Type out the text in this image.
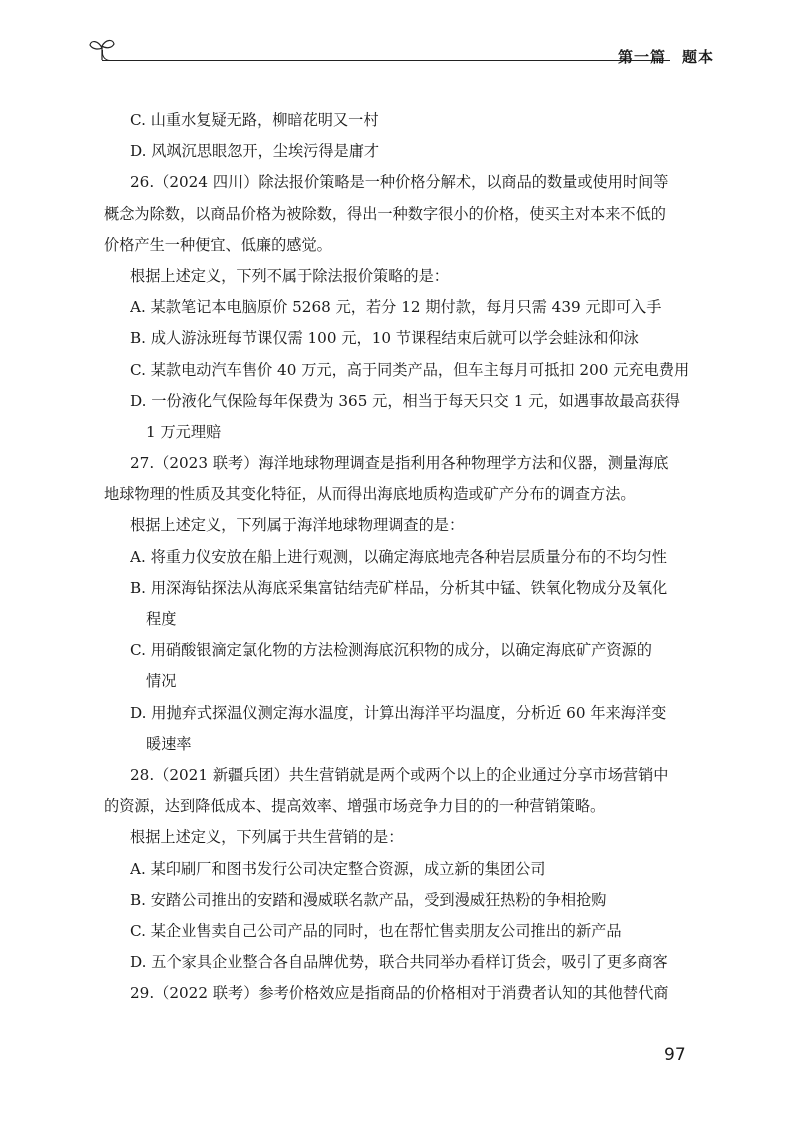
第一篇　题本
C. 山重水复疑无路，柳暗花明又一村
D. 风飒沉思眼忽开，尘埃污得是庸才
26.（2024 四川）除法报价策略是一种价格分解术，以商品的数量或使用时间等
概念为除数，以商品价格为被除数，得出一种数字很小的价格，使买主对本来不低的
价格产生一种便宜、低廉的感觉。
根据上述定义，下列不属于除法报价策略的是：
A. 某款笔记本电脑原价 5268 元，若分 12 期付款，每月只需 439 元即可入手
B. 成人游泳班每节课仅需 100 元，10 节课程结束后就可以学会蛙泳和仰泳
C. 某款电动汽车售价 40 万元，高于同类产品，但车主每月可抵扣 200 元充电费用
D. 一份液化气保险每年保费为 365 元，相当于每天只交 1 元，如遇事故最高获得
1 万元理赔
27.（2023 联考）海洋地球物理调查是指利用各种物理学方法和仪器，测量海底
地球物理的性质及其变化特征，从而得出海底地质构造或矿产分布的调查方法。
根据上述定义，下列属于海洋地球物理调查的是：
A. 将重力仪安放在船上进行观测，以确定海底地壳各种岩层质量分布的不均匀性
B. 用深海钻探法从海底采集富钴结壳矿样品，分析其中锰、铁氧化物成分及氧化
程度
C. 用硝酸银滴定氯化物的方法检测海底沉积物的成分，以确定海底矿产资源的
情况
D. 用抛弃式探温仪测定海水温度，计算出海洋平均温度，分析近 60 年来海洋变
暖速率
28.（2021 新疆兵团）共生营销就是两个或两个以上的企业通过分享市场营销中
的资源，达到降低成本、提高效率、增强市场竞争力目的的一种营销策略。
根据上述定义，下列属于共生营销的是：
A. 某印刷厂和图书发行公司决定整合资源，成立新的集团公司
B. 安踏公司推出的安踏和漫威联名款产品，受到漫威狂热粉的争相抢购
C. 某企业售卖自己公司产品的同时，也在帮忙售卖朋友公司推出的新产品
D. 五个家具企业整合各自品牌优势，联合共同举办看样订货会，吸引了更多商客
29.（2022 联考）参考价格效应是指商品的价格相对于消费者认知的其他替代商
97
